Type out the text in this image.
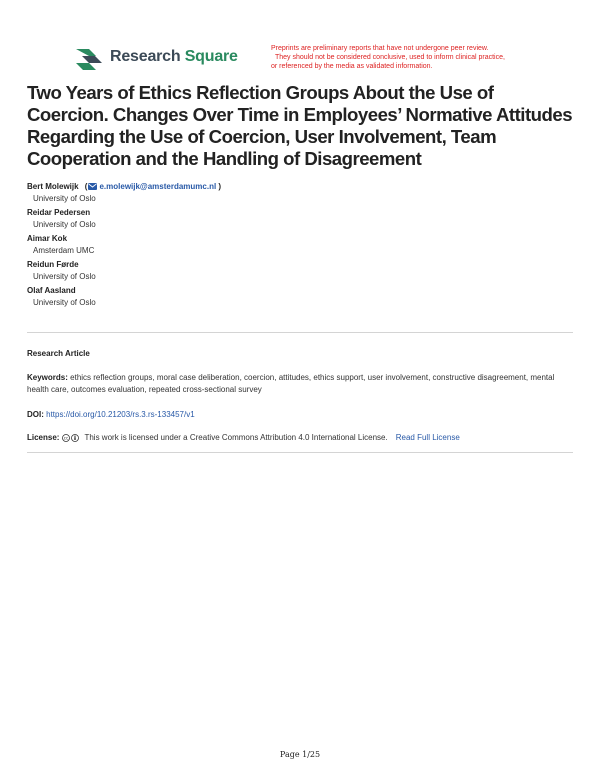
Research Square	Preprints are preliminary reports that have not undergone peer review.
They should not be considered conclusive, used to inform clinical practice,
or referenced by the media as validated information.
Two Years of Ethics Reflection Groups About the Use of Coercion. Changes Over Time in Employees’ Normative Attitudes Regarding the Use of Coercion, User Involvement, Team Cooperation and the Handling of Disagreement
Bert Molewijk ( e.molewijk@amsterdamumc.nl )
University of Oslo
Reidar Pedersen
University of Oslo
Aimar Kok
Amsterdam UMC
Reidun Førde
University of Oslo
Olaf Aasland
University of Oslo
Research Article
Keywords: ethics reflection groups, moral case deliberation, coercion, attitudes, ethics support, user involvement, constructive disagreement, mental health care, outcomes evaluation, repeated cross-sectional survey
DOI: https://doi.org/10.21203/rs.3.rs-133457/v1
License: cc This work is licensed under a Creative Commons Attribution 4.0 International License. Read Full License
Page 1/25
